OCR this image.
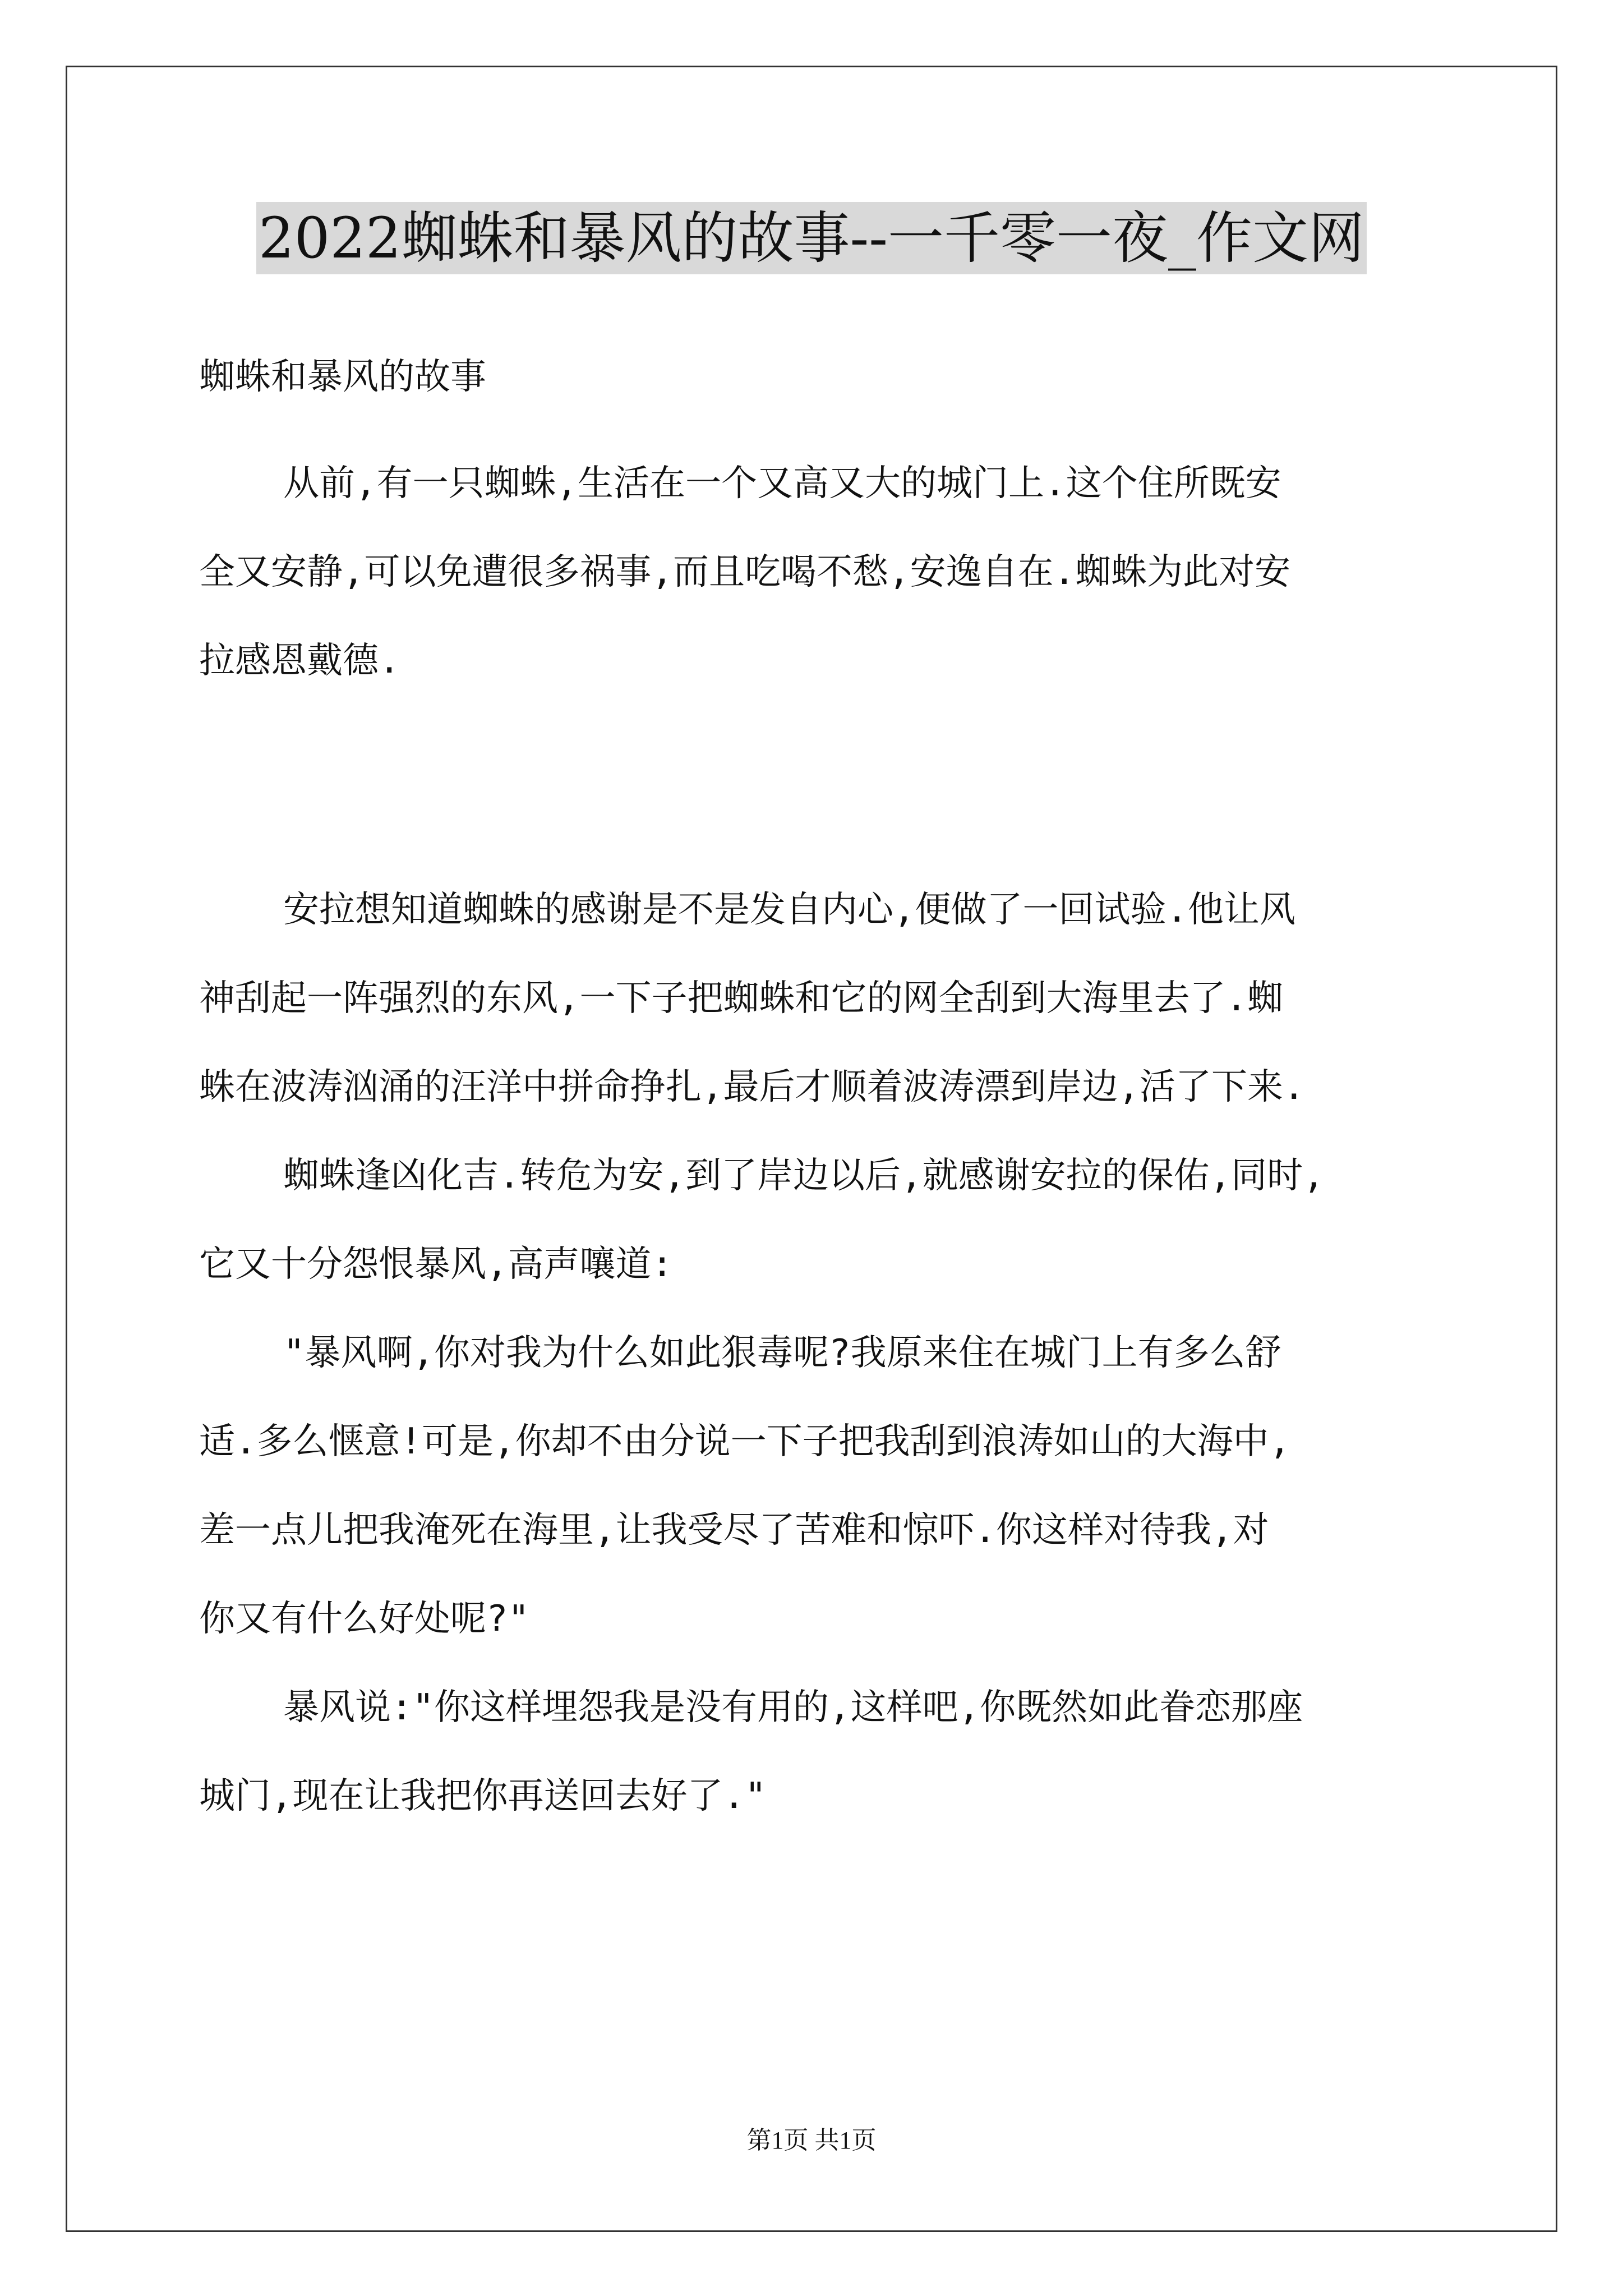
2022蜘蛛和暴风的故事--一千零一夜_作文网
蜘蛛和暴风的故事
从前,有一只蜘蛛,生活在一个又高又大的城门上.这个住所既安
全又安静,可以免遭很多祸事,而且吃喝不愁,安逸自在.蜘蛛为此对安
拉感恩戴德.
安拉想知道蜘蛛的感谢是不是发自内心,便做了一回试验.他让风
神刮起一阵强烈的东风,一下子把蜘蛛和它的网全刮到大海里去了.蜘
蛛在波涛汹涌的汪洋中拼命挣扎,最后才顺着波涛漂到岸边,活了下来.
蜘蛛逢凶化吉.转危为安,到了岸边以后,就感谢安拉的保佑,同时,
它又十分怨恨暴风,高声嚷道:
"暴风啊,你对我为什么如此狠毒呢?我原来住在城门上有多么舒
适.多么惬意!可是,你却不由分说一下子把我刮到浪涛如山的大海中,
差一点儿把我淹死在海里,让我受尽了苦难和惊吓.你这样对待我,对
你又有什么好处呢?"
暴风说:"你这样埋怨我是没有用的,这样吧,你既然如此眷恋那座
城门,现在让我把你再送回去好了."
第1页 共1页
